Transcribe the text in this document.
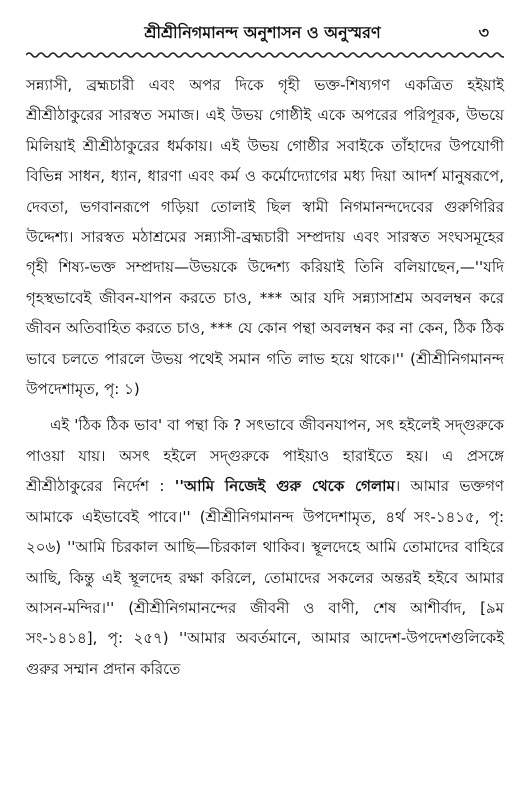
শ্রীশ্রীনিগমানন্দ অনুশাসন ও অনুস্মরণ	৩

সন্ন্যাসী, ব্রহ্মচারী এবং অপর দিকে গৃহী ভক্ত-শিষ্যগণ একত্রিত হইয়াই শ্রীশ্রীঠাকুরের সারস্বত সমাজ। এই উভয় গোষ্ঠীই একে অপরের পরিপূরক, উভয়ে মিলিয়াই শ্রীশ্রীঠাকুরের ধর্মকায়। এই উভয় গোষ্ঠীর সবাইকে তাঁহাদের উপযোগী বিভিন্ন সাধন, ধ্যান, ধারণা এবং কর্ম ও কর্মোদ্যোগের মধ্য দিয়া আদর্শ মানুষরূপে, দেবতা, ভগবানরূপে গড়িয়া তোলাই ছিল স্বামী নিগমানন্দদেবের গুরুগিরির উদ্দেশ্য। সারস্বত মঠাশ্রমের সন্ন্যাসী-ব্রহ্মচারী সম্প্রদায় এবং সারস্বত সংঘসমূহের গৃহী শিষ্য-ভক্ত সম্প্রদায়—উভয়কে উদ্দেশ্য করিয়াই তিনি বলিয়াছেন,—''যদি গৃহস্থভাবেই জীবন-যাপন করতে চাও, *** আর যদি সন্ন্যাসাশ্রম অবলম্বন করে জীবন অতিবাহিত করতে চাও, *** যে কোন পন্থা অবলম্বন কর না কেন, ঠিক ঠিক ভাবে চলতে পারলে উভয় পথেই সমান গতি লাভ হয়ে থাকে।'' (শ্রীশ্রীনিগমানন্দ উপদেশামৃত, পৃ: ১)

এই 'ঠিক ঠিক ভাব' বা পন্থা কি ? সৎভাবে জীবনযাপন, সৎ হইলেই সদ্‌গুরুকে পাওয়া যায়। অসৎ হইলে সদ্‌গুরুকে পাইয়াও হারাইতে হয়। এ প্রসঙ্গে শ্রীশ্রীঠাকুরের নির্দেশ : ''আমি নিজেই গুরু থেকে গেলাম। আমার ভক্তগণ আমাকে এইভাবেই পাবে।'' (শ্রীশ্রীনিগমানন্দ উপদেশামৃত, ৪র্থ সং-১৪১৫, পৃ: ২০৬) ''আমি চিরকাল আছি—চিরকাল থাকিব। স্থূলদেহে আমি তোমাদের বাহিরে আছি, কিন্তু এই স্থূলদেহ রক্ষা করিলে, তোমাদের সকলের অন্তরই হইবে আমার আসন-মন্দির।'' (শ্রীশ্রীনিগমানন্দের জীবনী ও বাণী, শেষ আশীর্বাদ, [৯ম সং-১৪১৪], পৃ: ২৫৭) ''আমার অবর্তমানে, আমার আদেশ-উপদেশগুলিকেই গুরুর সম্মান প্রদান করিতে
